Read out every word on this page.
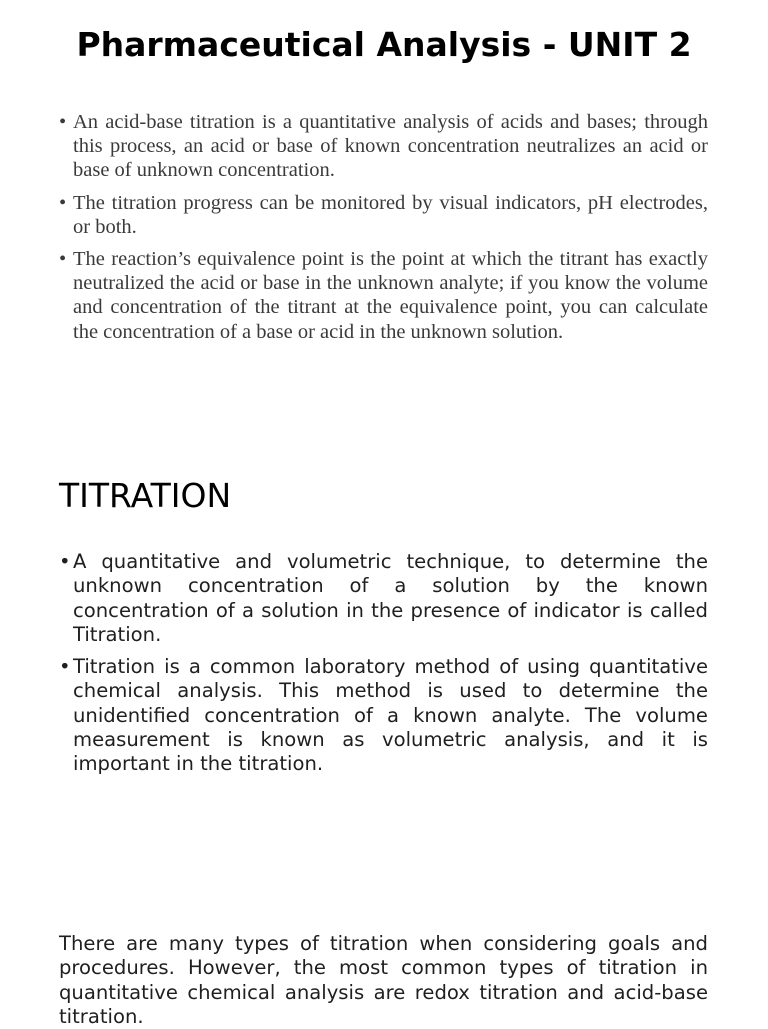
Pharmaceutical Analysis - UNIT 2
• An acid-base titration is a quantitative analysis of acids and bases; through this process, an acid or base of known concentration neutralizes an acid or base of unknown concentration.
• The titration progress can be monitored by visual indicators, pH electrodes, or both.
• The reaction’s equivalence point is the point at which the titrant has exactly neutralized the acid or base in the unknown analyte; if you know the volume and concentration of the titrant at the equivalence point, you can calculate the concentration of a base or acid in the unknown solution.
TITRATION
• A quantitative and volumetric technique, to determine the unknown concentration of a solution by the known concentration of a solution in the presence of indicator is called Titration.
• Titration is a common laboratory method of using quantitative chemical analysis. This method is used to determine the unidentified concentration of a known analyte. The volume measurement is known as volumetric analysis, and it is important in the titration.

There are many types of titration when considering goals and procedures. However, the most common types of titration in quantitative chemical analysis are redox titration and acid-base titration.
